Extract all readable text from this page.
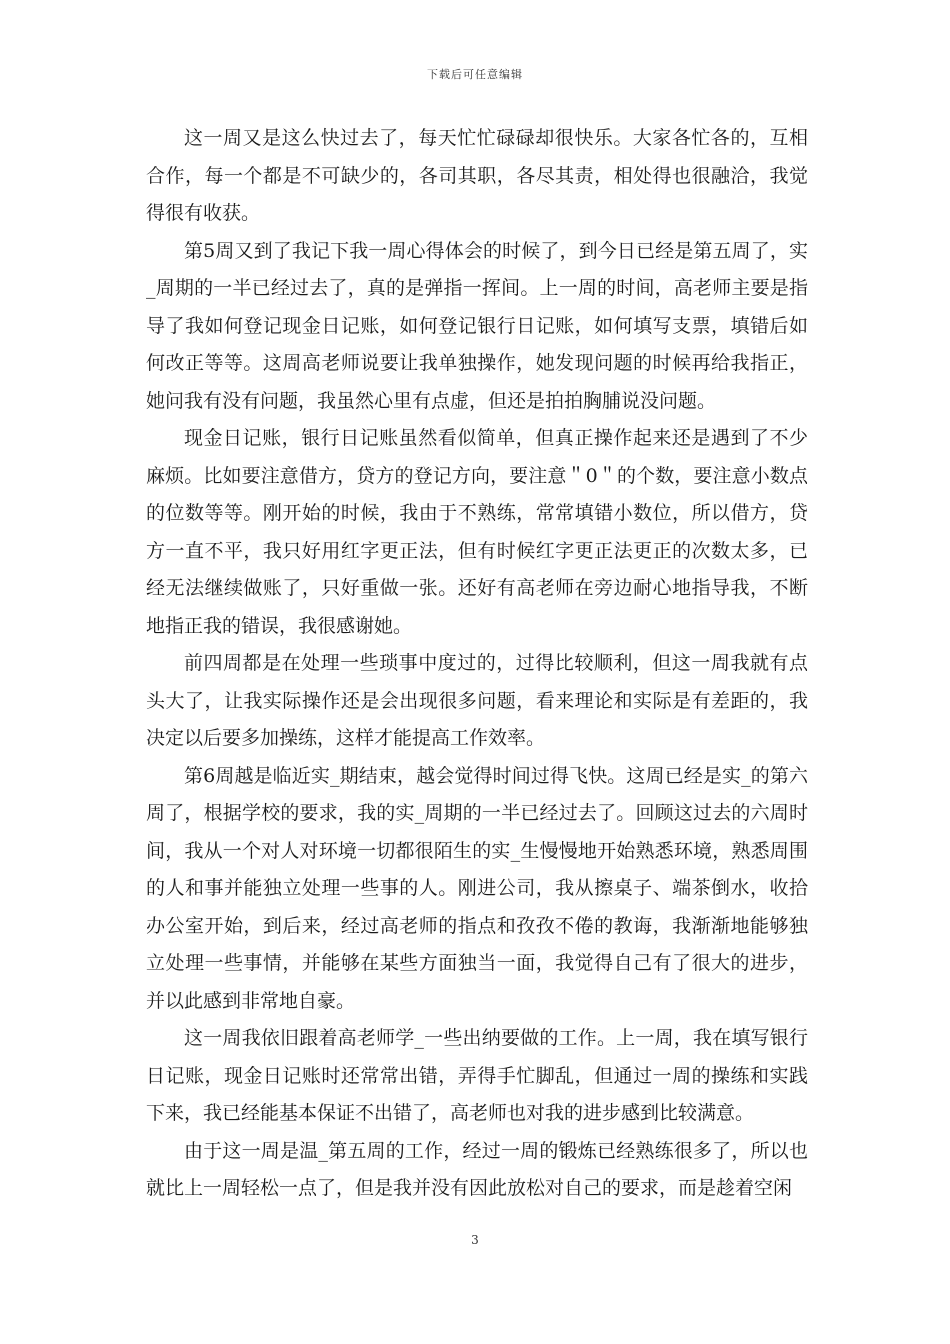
下载后可任意编辑

这一周又是这么快过去了，每天忙忙碌碌却很快乐。大家各忙各的，互相合作，每一个都是不可缺少的，各司其职，各尽其责，相处得也很融洽，我觉得很有收获。

第5周又到了我记下我一周心得体会的时候了，到今日已经是第五周了，实_周期的一半已经过去了，真的是弹指一挥间。上一周的时间，高老师主要是指导了我如何登记现金日记账，如何登记银行日记账，如何填写支票，填错后如何改正等等。这周高老师说要让我单独操作，她发现问题的时候再给我指正，她问我有没有问题，我虽然心里有点虚，但还是拍拍胸脯说没问题。

现金日记账，银行日记账虽然看似简单，但真正操作起来还是遇到了不少麻烦。比如要注意借方，贷方的登记方向，要注意＂0＂的个数，要注意小数点的位数等等。刚开始的时候，我由于不熟练，常常填错小数位，所以借方，贷方一直不平，我只好用红字更正法，但有时候红字更正法更正的次数太多，已经无法继续做账了，只好重做一张。还好有高老师在旁边耐心地指导我，不断地指正我的错误，我很感谢她。

前四周都是在处理一些琐事中度过的，过得比较顺利，但这一周我就有点头大了，让我实际操作还是会出现很多问题，看来理论和实际是有差距的，我决定以后要多加操练，这样才能提高工作效率。

第6周越是临近实_期结束，越会觉得时间过得飞快。这周已经是实_的第六周了，根据学校的要求，我的实_周期的一半已经过去了。回顾这过去的六周时间，我从一个对人对环境一切都很陌生的实_生慢慢地开始熟悉环境，熟悉周围的人和事并能独立处理一些事的人。刚进公司，我从擦桌子、端茶倒水，收拾办公室开始，到后来，经过高老师的指点和孜孜不倦的教诲，我渐渐地能够独立处理一些事情，并能够在某些方面独当一面，我觉得自己有了很大的进步，并以此感到非常地自豪。

这一周我依旧跟着高老师学_一些出纳要做的工作。上一周，我在填写银行日记账，现金日记账时还常常出错，弄得手忙脚乱，但通过一周的操练和实践下来，我已经能基本保证不出错了，高老师也对我的进步感到比较满意。

由于这一周是温_第五周的工作，经过一周的锻炼已经熟练很多了，所以也就比上一周轻松一点了，但是我并没有因此放松对自己的要求，而是趁着空闲

3
